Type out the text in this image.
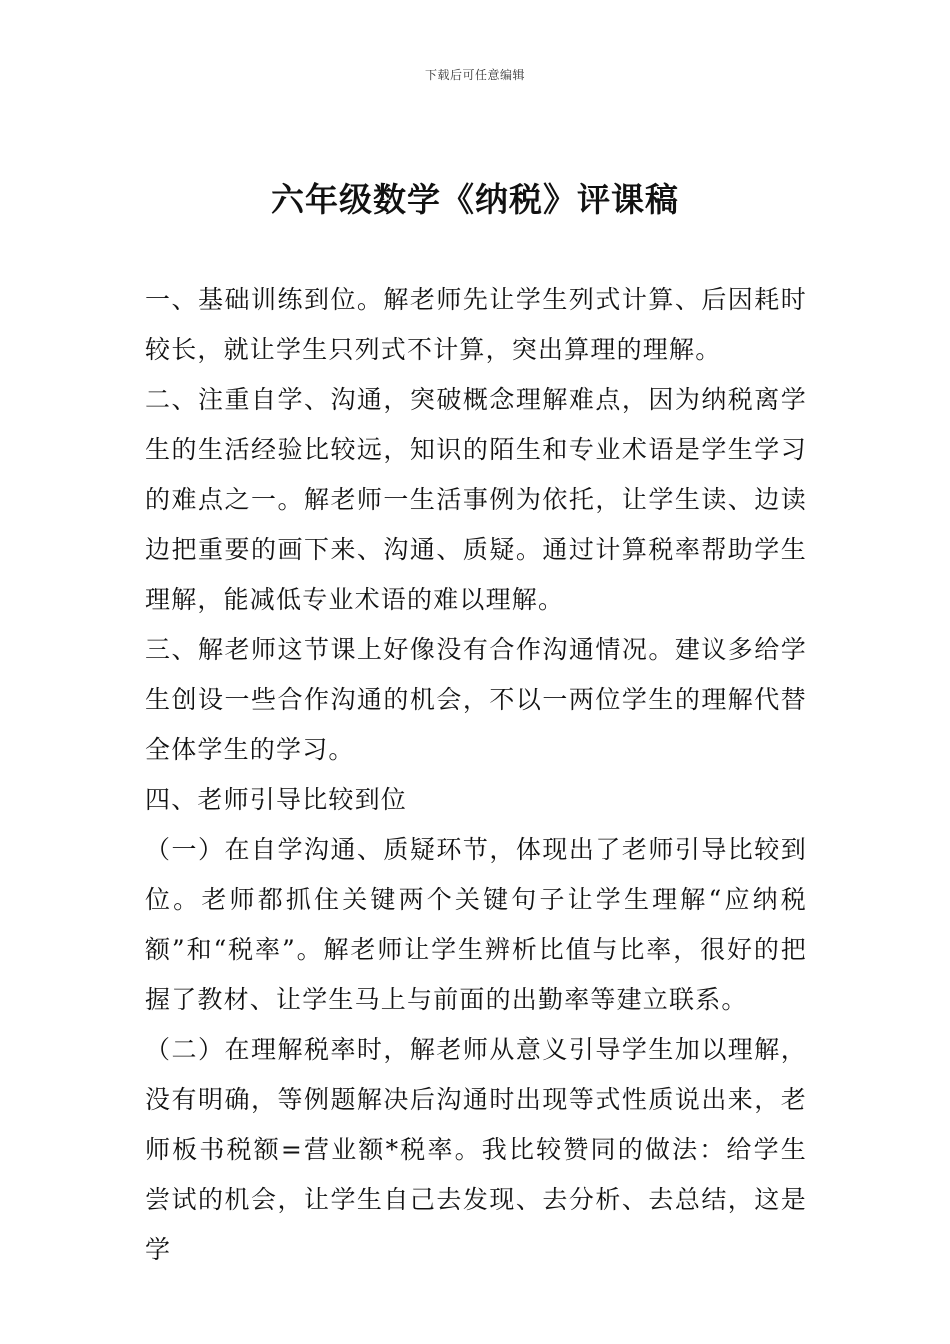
下载后可任意编辑
六年级数学《纳税》评课稿

一、基础训练到位。解老师先让学生列式计算、后因耗时较长，就让学生只列式不计算，突出算理的理解。

二、注重自学、沟通，突破概念理解难点，因为纳税离学生的生活经验比较远，知识的陌生和专业术语是学生学习的难点之一。解老师一生活事例为依托，让学生读、边读边把重要的画下来、沟通、质疑。通过计算税率帮助学生理解，能减低专业术语的难以理解。

三、解老师这节课上好像没有合作沟通情况。建议多给学生创设一些合作沟通的机会，不以一两位学生的理解代替全体学生的学习。

四、老师引导比较到位

（一）在自学沟通、质疑环节，体现出了老师引导比较到位。老师都抓住关键两个关键句子让学生理解“应纳税额”和“税率”。解老师让学生辨析比值与比率，很好的把握了教材、让学生马上与前面的出勤率等建立联系。

（二）在理解税率时，解老师从意义引导学生加以理解，没有明确，等例题解决后沟通时出现等式性质说出来，老师板书税额=营业额*税率。我比较赞同的做法：给学生尝试的机会，让学生自己去发现、去分析、去总结，这是学
